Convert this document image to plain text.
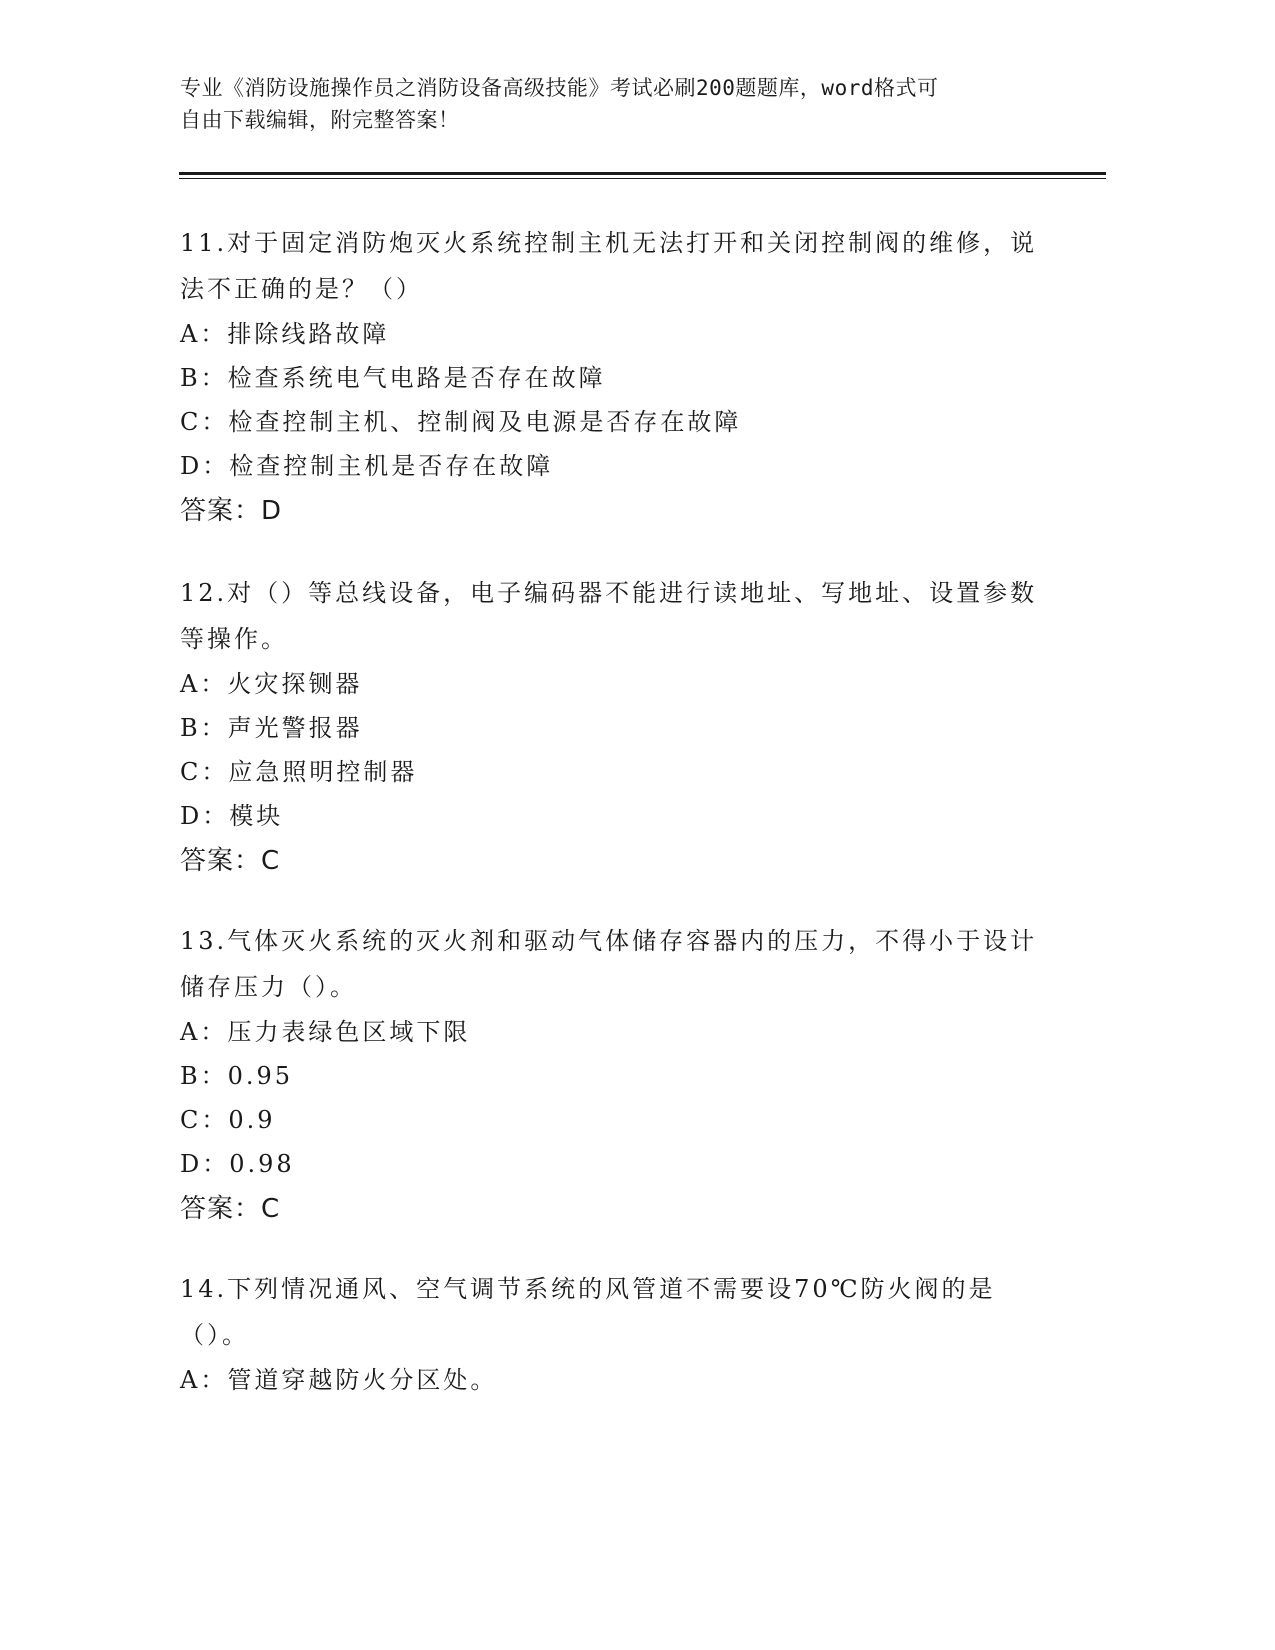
专业《消防设施操作员之消防设备高级技能》考试必刷200题题库，word格式可
自由下载编辑，附完整答案！

11.对于固定消防炮灭火系统控制主机无法打开和关闭控制阀的维修，说法不正确的是？（）

A：排除线路故障

B：检查系统电气电路是否存在故障

C：检查控制主机、控制阀及电源是否存在故障

D：检查控制主机是否存在故障

答案：D

12.对（）等总线设备，电子编码器不能进行读地址、写地址、设置参数等操作。

A：火灾探铡器

B：声光警报器

C：应急照明控制器

D：模块

答案：C

13.气体灭火系统的灭火剂和驱动气体储存容器内的压力，不得小于设计储存压力（）。

A：压力表绿色区域下限

B：0.95

C：0.9

D：0.98

答案：C

14.下列情况通风、空气调节系统的风管道不需要设70℃防火阀的是（）。

A：管道穿越防火分区处。
